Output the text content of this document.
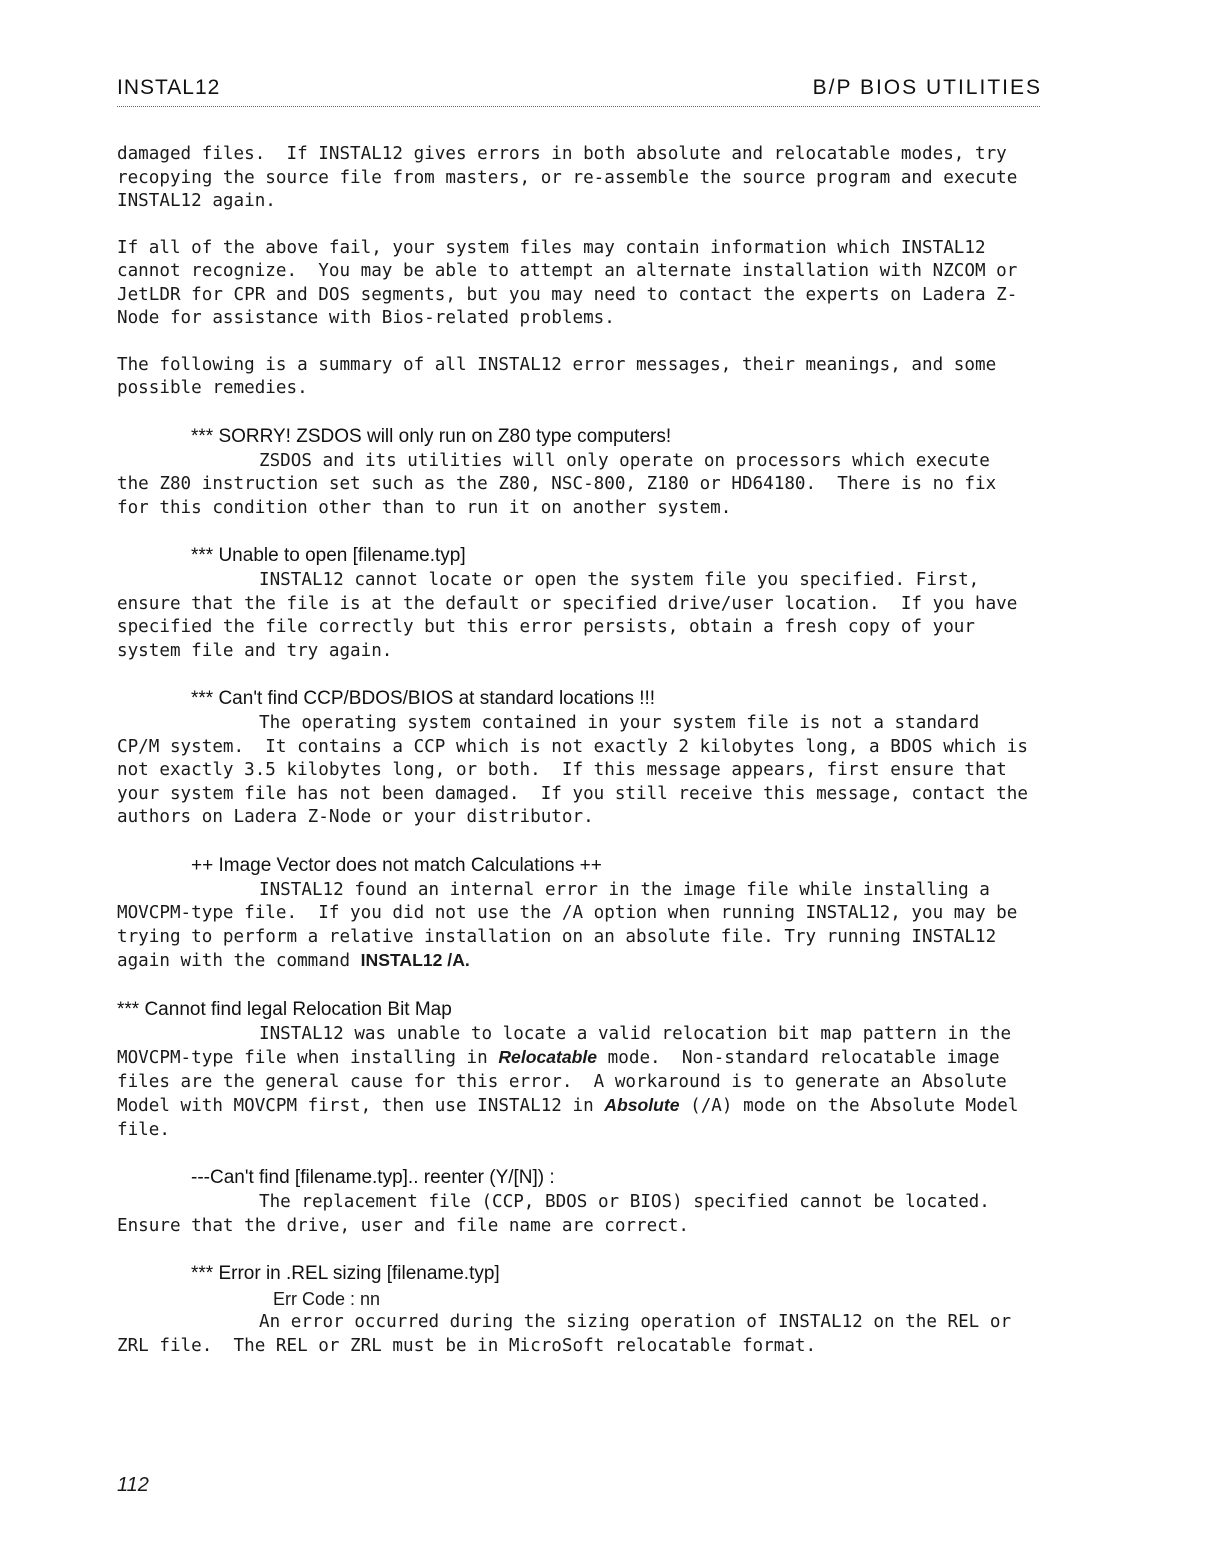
INSTAL12	B/P BIOS UTILITIES

damaged files.  If INSTAL12 gives errors in both absolute and relocatable modes, try recopying the source file from masters, or re-assemble the source program and execute INSTAL12 again.

If all of the above fail, your system files may contain information which INSTAL12 cannot recognize.  You may be able to attempt an alternate installation with NZCOM or JetLDR for CPR and DOS segments, but you may need to contact the experts on Ladera Z-Node for assistance with Bios-related problems.

The following is a summary of all INSTAL12 error messages, their meanings, and some possible remedies.

*** SORRY! ZSDOS will only run on Z80 type computers!

ZSDOS and its utilities will only operate on processors which execute the Z80 instruction set such as the Z80, NSC-800, Z180 or HD64180.  There is no fix for this condition other than to run it on another system.

*** Unable to open [filename.typ]

INSTAL12 cannot locate or open the system file you specified. First, ensure that the file is at the default or specified drive/user location.  If you have specified the file correctly but this error persists, obtain a fresh copy of your system file and try again.

*** Can't find CCP/BDOS/BIOS at standard locations !!!

The operating system contained in your system file is not a standard CP/M system.  It contains a CCP which is not exactly 2 kilobytes long, a BDOS which is not exactly 3.5 kilobytes long, or both.  If this message appears, first ensure that your system file has not been damaged.  If you still receive this message, contact the authors on Ladera Z-Node or your distributor.

++ Image Vector does not match Calculations ++

INSTAL12 found an internal error in the image file while installing a MOVCPM-type file.  If you did not use the /A option when running INSTAL12, you may be trying to perform a relative installation on an absolute file. Try running INSTAL12 again with the command INSTAL12 /A.

*** Cannot find legal Relocation Bit Map

INSTAL12 was unable to locate a valid relocation bit map pattern in the MOVCPM-type file when installing in Relocatable mode.  Non-standard relocatable image files are the general cause for this error.  A workaround is to generate an Absolute Model with MOVCPM first, then use INSTAL12 in Absolute (/A) mode on the Absolute Model file.

---Can't find [filename.typ].. reenter (Y/[N]) :

The replacement file (CCP, BDOS or BIOS) specified cannot be located.  Ensure that the drive, user and file name are correct.

*** Error in .REL sizing [filename.typ]
Err Code : nn

An error occurred during the sizing operation of INSTAL12 on the REL or ZRL file.  The REL or ZRL must be in MicroSoft relocatable format.

112
